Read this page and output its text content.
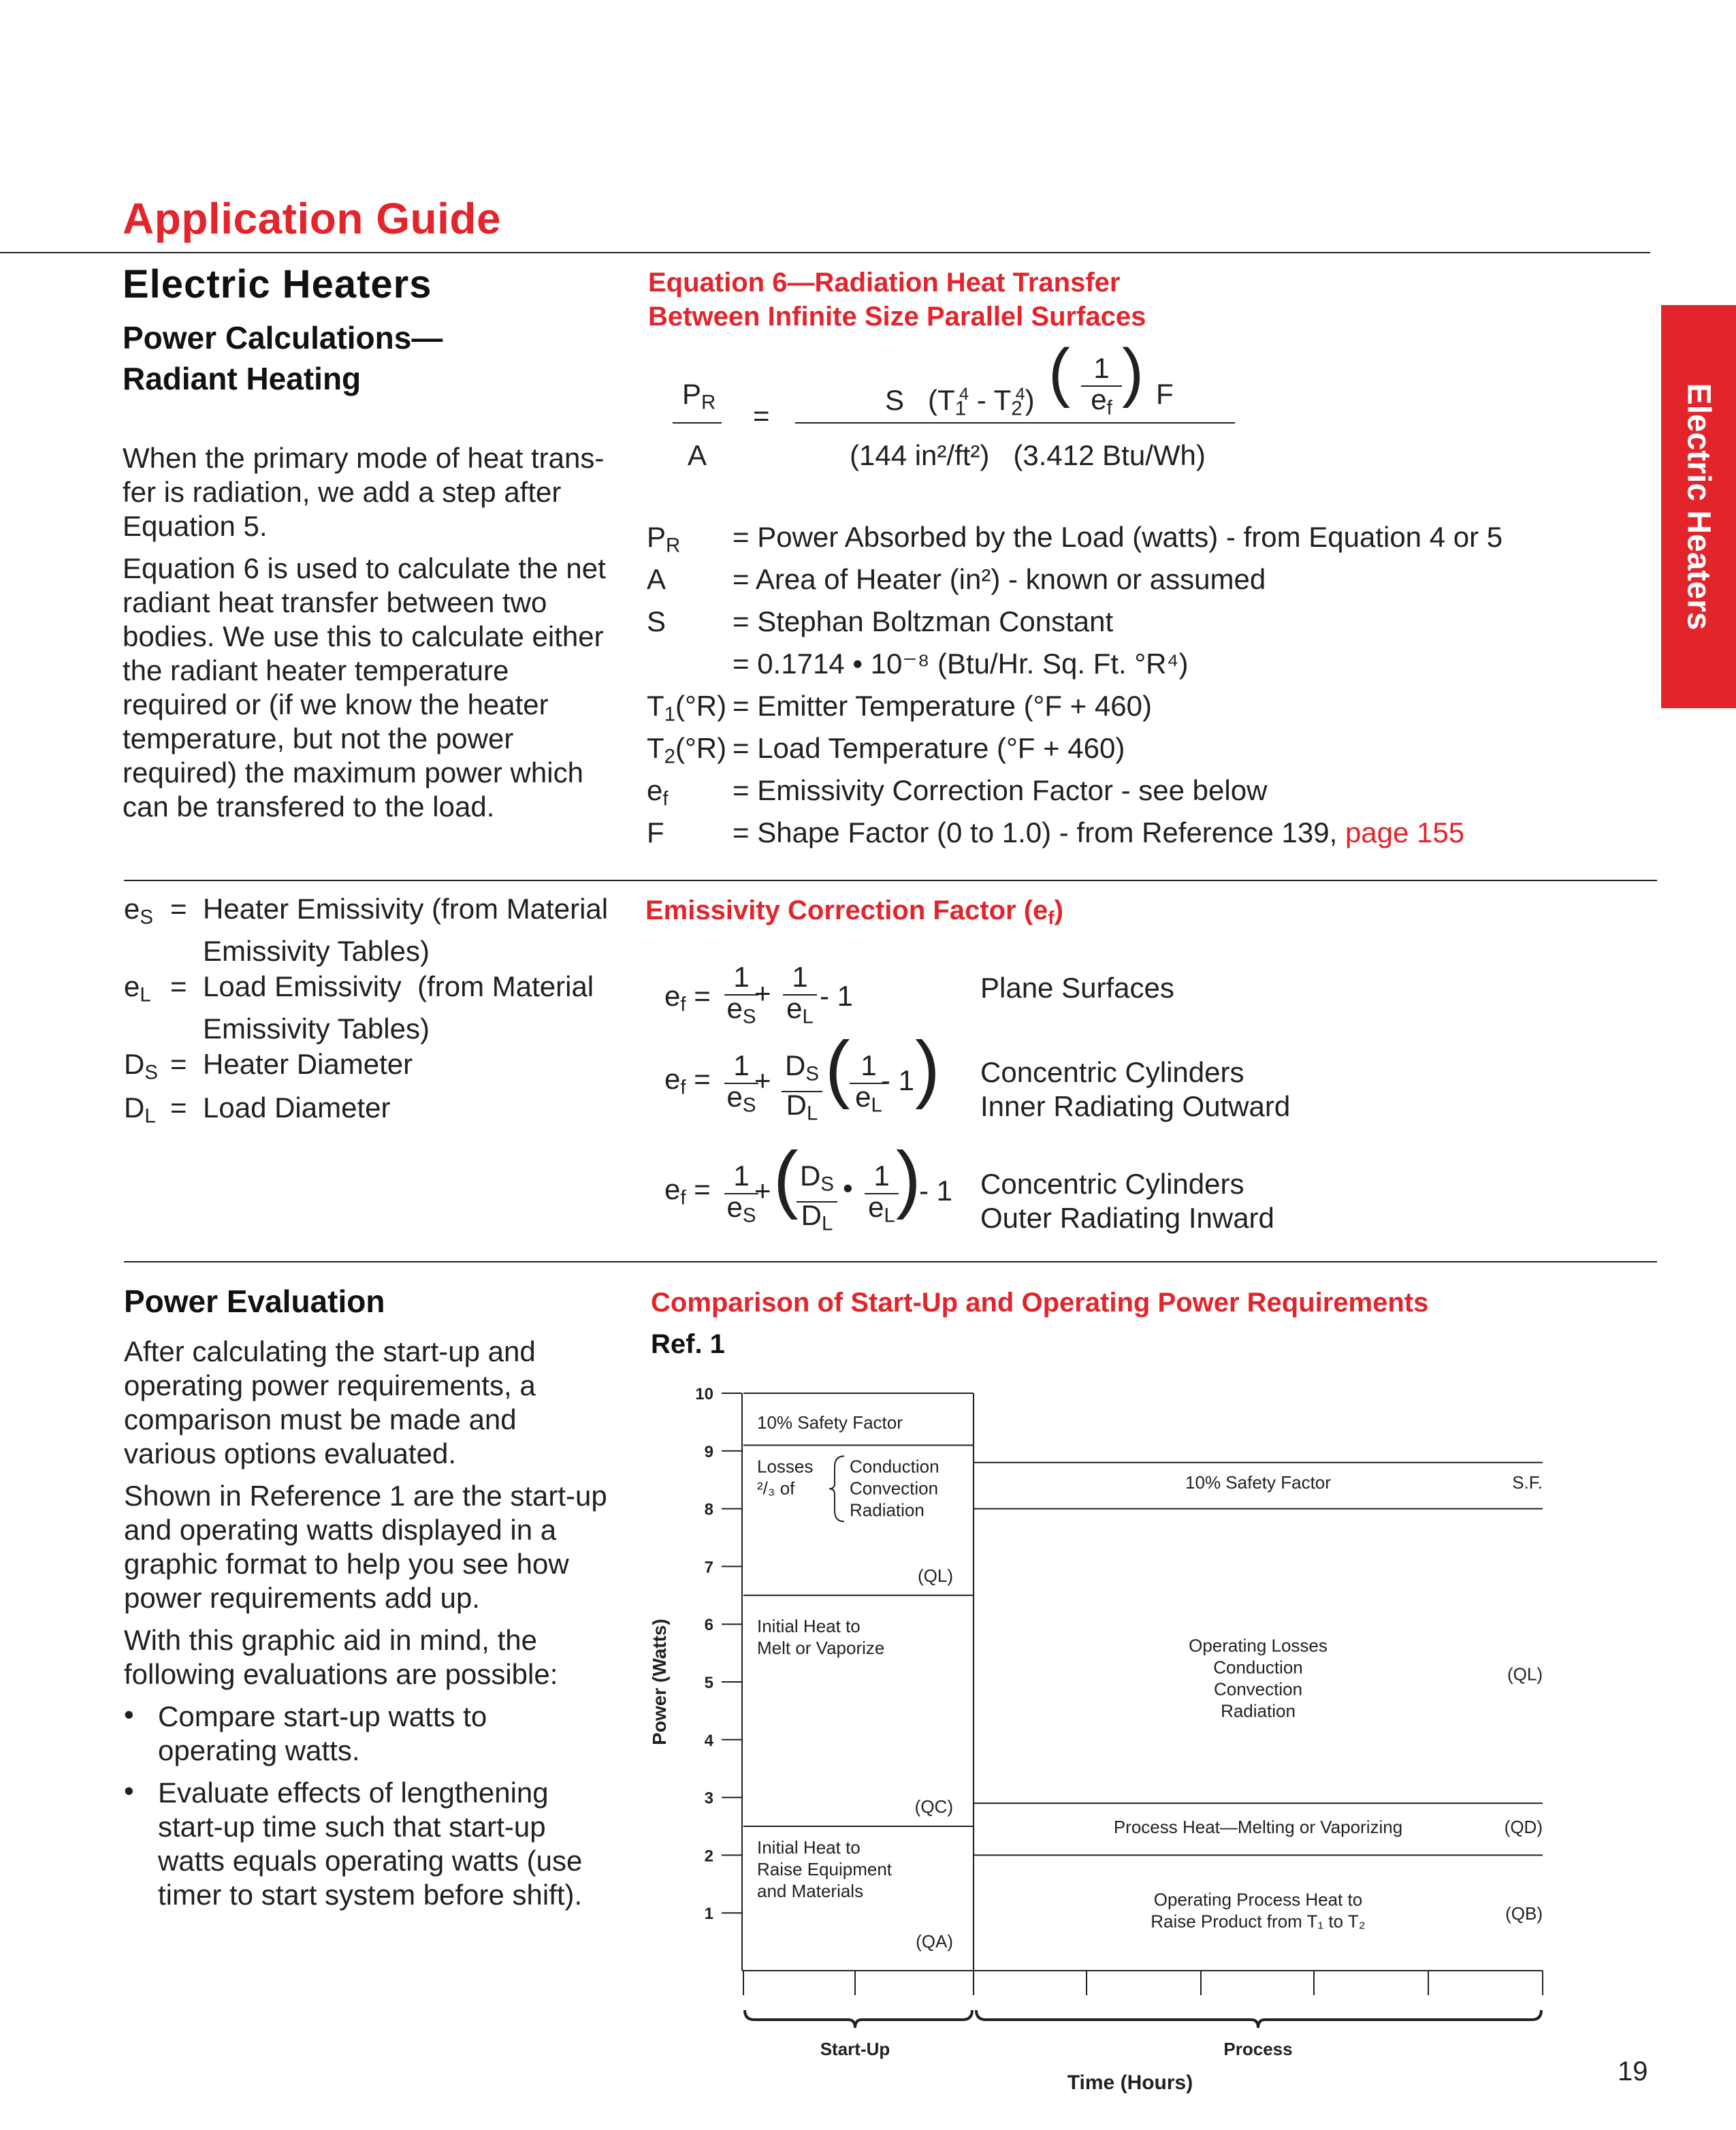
Application Guide
Electric Heaters
Electric Heaters
Power Calculations—
Radiant Heating
When the primary mode of heat trans-
fer is radiation, we add a step after
Equation 5.
Equation 6 is used to calculate the net
radiant heat transfer between two
bodies. We use this to calculate either
the radiant heater temperature
required or (if we know the heater
temperature, but not the power
required) the maximum power which
can be transfered to the load.
Equation 6—Radiation Heat Transfer
Between Infinite Size Parallel Surfaces
$P_R$
A
=	S $(T_1^4 - T_2^4)$ ( 1
$e_f$ ) F
(144 in²/ft²)   (3.412 Btu/Wh)
$P_R$ = Power Absorbed by the Load (watts) - from Equation 4 or 5
A = Area of Heater (in²) - known or assumed
S = Stephan Boltzman Constant
= 0.1714 • 10⁻⁸ (Btu/Hr. Sq. Ft. °R⁴)
$T_1(^\circ R)$ = Emitter Temperature (°F + 460)
$T_2(^\circ R)$ = Load Temperature (°F + 460)
$e_f$ = Emissivity Correction Factor - see below
F = Shape Factor (0 to 1.0) - from Reference 139, page 155
$e_S$ = Heater Emissivity (from Material
Emissivity Tables)
$e_L$ = Load Emissivity  (from Material
Emissivity Tables)
$D_S$ = Heater Diameter
$D_L$ = Load Diameter
Emissivity Correction Factor $(e_f)$
$e_f$ =
1
$e_S$
+
1
$e_L$
- 1	Plane Surfaces
$e_f = 1$
$e_S$
+ $D_S$
$D_L$
( 1
$e_L$
- 1 ) Concentric Cylinders
Inner Radiating Outward
$e_f = 1$
$e_S$
+ ( $D_S$
$D_L$
• 1
$e_L$ )
- 1 Concentric Cylinders
Outer Radiating Inward
Power Evaluation
After calculating the start-up and
operating power requirements, a
comparison must be made and
various options evaluated.
Shown in Reference 1 are the start-up
and operating watts displayed in a
graphic format to help you see how
power requirements add up.
With this graphic aid in mind, the
following evaluations are possible:
• Compare start-up watts to
operating watts.
• Evaluate effects of lengthening
start-up time such that start-up
watts equals operating watts (use
timer to start system before shift).
Comparison of Start-Up and Operating Power Requirements
Ref. 1
1
2
3
4
5
6
7
8
9
10
Power (Watts)
Initial Heat to
Raise Equipment
and Materials
(QA)
Initial Heat to
Melt or Vaporize
(QC)
Losses
²/₃ of
Conduction
Convection
Radiation
(QL)
10% Safety Factor
Operating Process Heat to
Raise Product from T₁ to T₂	(QB)
Process Heat—Melting or Vaporizing	(QD)
Operating Losses
Conduction
Convection
Radiation
(QL)
10% Safety Factor	S.F.
Start-Up	Process
Time (Hours)	19
